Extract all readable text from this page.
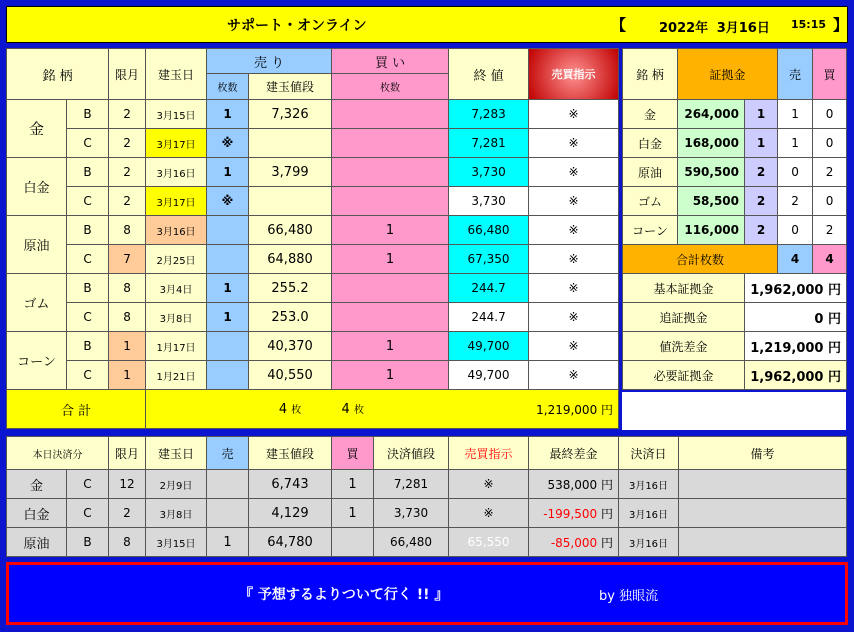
サポート・オンライン	【	2022年 3月16日 15:15 】
銘 柄		限月	建玉日	売 り		買 い	終 値	売買指示	
				枚数	建玉値段	枚数			
金	B	2	3月15日	1	7,326		7,283	※	
	C	2	3月17日	※			7,281	※	
白金	B	2	3月16日	1	3,799		3,730	※	
	C	2	3月17日	※			3,730	※	
原油	B	8	3月16日		66,480	1	66,480	※	
	C	7	2月25日		64,880	1	67,350	※	
ゴム	B	8	3月4日	1	255.2		244.7	※	
	C	8	3月8日	1	253.0		244.7	※	
コーン	B	1	1月17日		40,370	1	49,700	※	
	C	1	1月21日		40,550	1	49,700	※	
合 計					4 枚	4 枚		1,219,000 円	
銘 柄	証拠金		売	買
金	264,000	1	1	0
白金	168,000	1	1	0
原油	590,500	2	0	2
ゴム	58,500	2	2	0
コーン	116,000	2	0	2
合計枚数			4	4
基本証拠金		1,962,000 円		
追証拠金		0 円		
値洗差金		1,219,000 円		
必要証拠金		1,962,000 円		
本日決済分		限月	建玉日	売	建玉値段	買	決済値段	売買指示	最終差金	決済日	備考
金	C	12	2月9日		6,743	1	7,281	※	538,000 円	3月16日	
白金	C	2	3月8日		4,129	1	3,730	※	-199,500 円	3月16日	
原油	B	8	3月15日	1	64,780		66,480	65,550	-85,000 円	3月16日	
『 予想するよりついて行く !! 』	by 独眼流
